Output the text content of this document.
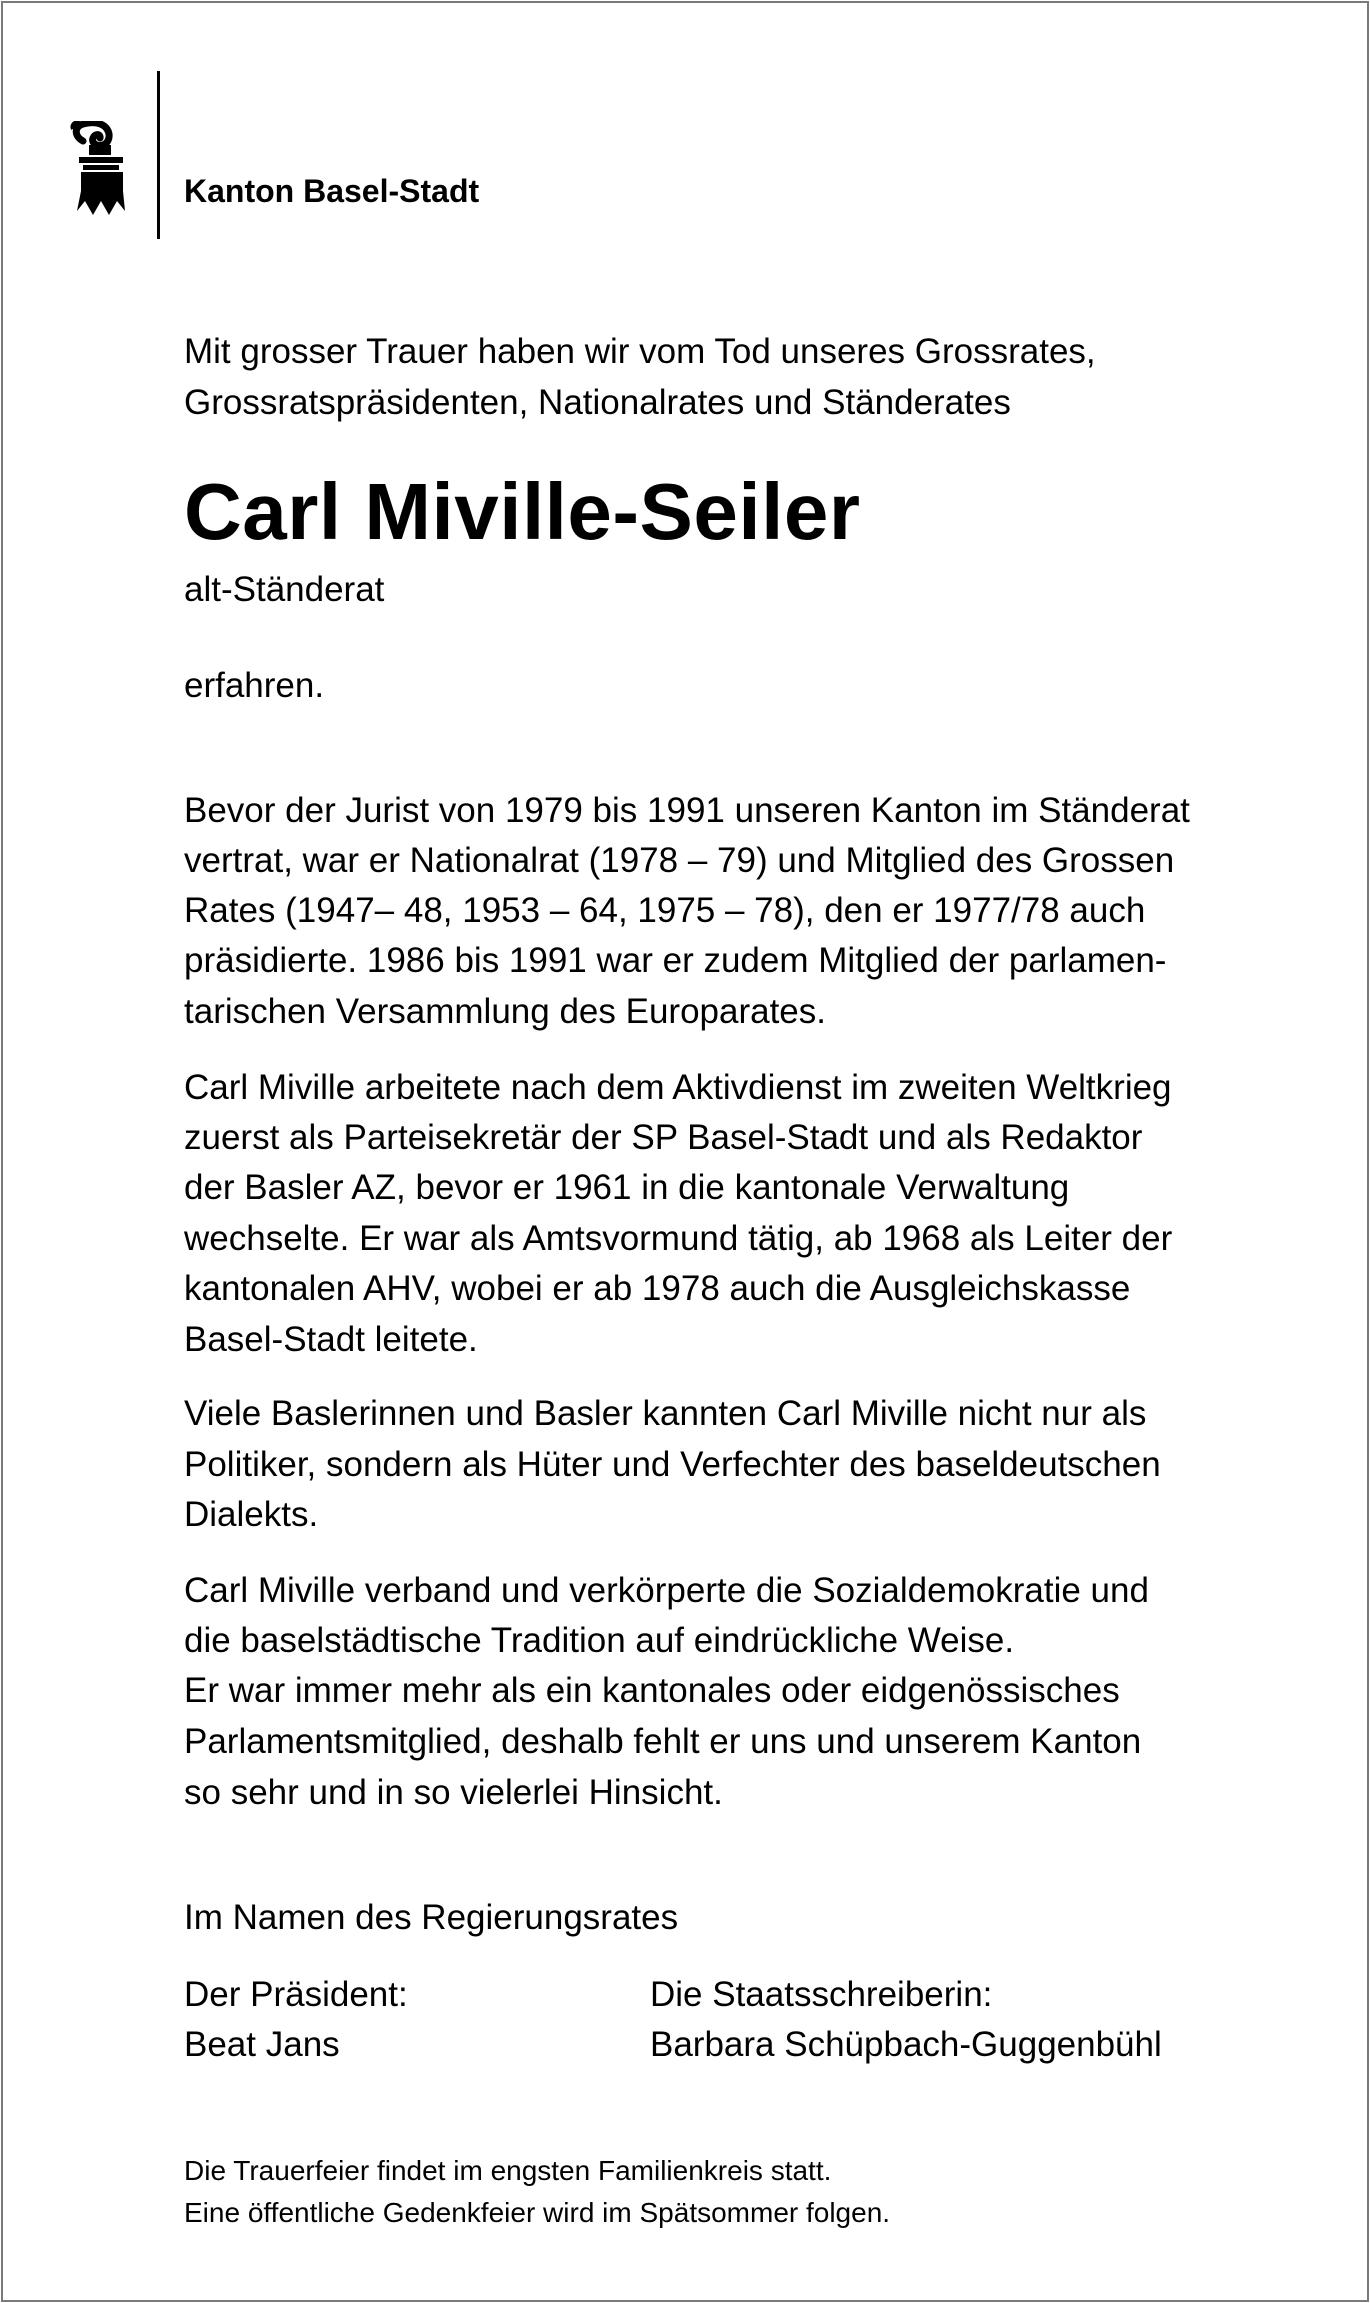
Kanton Basel-Stadt
Mit grosser Trauer haben wir vom Tod unseres Grossrates,
Grossratspräsidenten, Nationalrates und Ständerates
Carl Miville-Seiler
alt-Ständerat
erfahren.
Bevor der Jurist von 1979 bis 1991 unseren Kanton im Ständerat
vertrat, war er Nationalrat (1978 – 79) und Mitglied des Grossen
Rates (1947– 48, 1953 – 64, 1975 – 78), den er 1977/78 auch
präsidierte. 1986 bis 1991 war er zudem Mitglied der parlamen-
tarischen Versammlung des Europarates.
Carl Miville arbeitete nach dem Aktivdienst im zweiten Weltkrieg
zuerst als Parteisekretär der SP Basel-Stadt und als Redaktor
der Basler AZ, bevor er 1961 in die kantonale Verwaltung
wechselte. Er war als Amtsvormund tätig, ab 1968 als Leiter der
kantonalen AHV, wobei er ab 1978 auch die Ausgleichskasse
Basel-Stadt leitete.
Viele Baslerinnen und Basler kannten Carl Miville nicht nur als
Politiker, sondern als Hüter und Verfechter des baseldeutschen
Dialekts.
Carl Miville verband und verkörperte die Sozialdemokratie und
die baselstädtische Tradition auf eindrückliche Weise.
Er war immer mehr als ein kantonales oder eidgenössisches
Parlamentsmitglied, deshalb fehlt er uns und unserem Kanton
so sehr und in so vielerlei Hinsicht.
Im Namen des Regierungsrates
Der Präsident:
Beat Jans
Die Staatsschreiberin:
Barbara Schüpbach-Guggenbühl
Die Trauerfeier findet im engsten Familienkreis statt.
Eine öffentliche Gedenkfeier wird im Spätsommer folgen.
